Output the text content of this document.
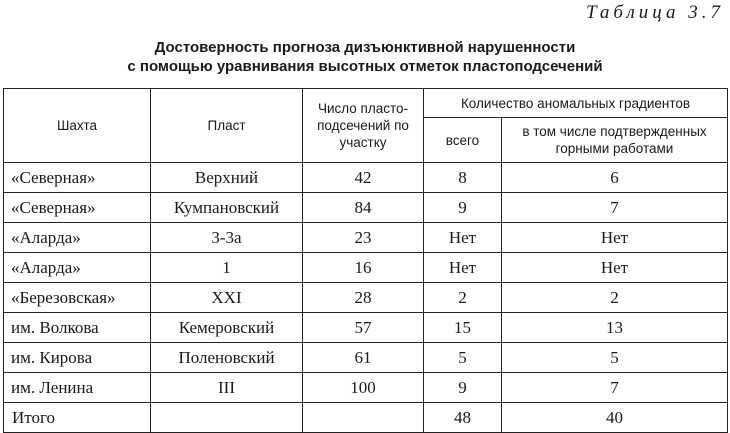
Таблица 3.7
Достоверность прогноза дизъюнктивной нарушенности
с помощью уравнивания высотных отметок пластоподсечений
Шахта	Пласт	Число пласто-подсечений по участку	Количество аномальных градиентов	
			всего	в том числе подтвержденных горными работами
«Северная»	Верхний	42	8	6
«Северная»	Кумпановский	84	9	7
«Аларда»	3-3а	23	Нет	Нет
«Аларда»	1	16	Нет	Нет
«Березовская»	XXI	28	2	2
им. Волкова	Кемеровский	57	15	13
им. Кирова	Поленовский	61	5	5
им. Ленина	III	100	9	7
Итого			48	40
